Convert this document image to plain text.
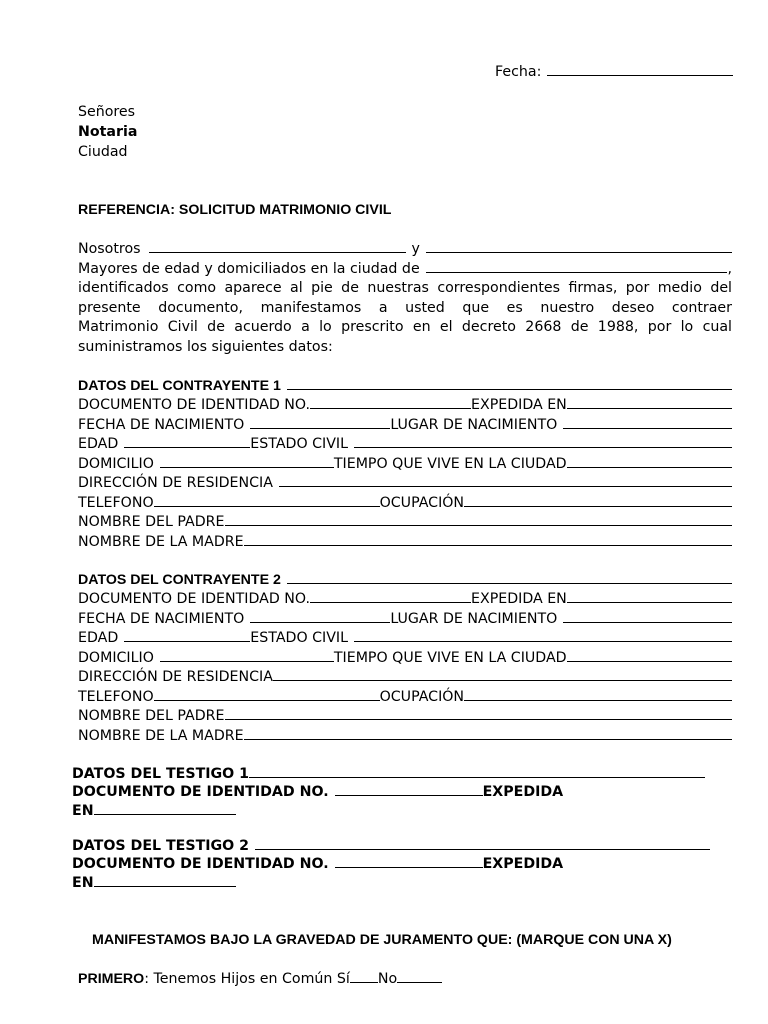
Fecha:
Señores
Notaria
Ciudad
REFERENCIA: SOLICITUD MATRIMONIO CIVIL
Nosotros	y
Mayores de edad y domiciliados en la ciudad de	,
identificados como aparece al pie de nuestras correspondientes firmas, por medio del
presente documento, manifestamos a usted que es nuestro deseo contraer
Matrimonio Civil de acuerdo a lo prescrito en el decreto 2668 de 1988, por lo cual
suministramos los siguientes datos:
DATOS DEL CONTRAYENTE 1
DOCUMENTO DE IDENTIDAD NO.	EXPEDIDA EN
FECHA DE NACIMIENTO	LUGAR DE NACIMIENTO
EDAD	ESTADO CIVIL
DOMICILIO	TIEMPO QUE VIVE EN LA CIUDAD
DIRECCIÓN DE RESIDENCIA
TELEFONO	OCUPACIÓN
NOMBRE DEL PADRE
NOMBRE DE LA MADRE
DATOS DEL CONTRAYENTE 2
DOCUMENTO DE IDENTIDAD NO.	EXPEDIDA EN
FECHA DE NACIMIENTO	LUGAR DE NACIMIENTO
EDAD	ESTADO CIVIL
DOMICILIO	TIEMPO QUE VIVE EN LA CIUDAD
DIRECCIÓN DE RESIDENCIA
TELEFONO	OCUPACIÓN
NOMBRE DEL PADRE
NOMBRE DE LA MADRE
DATOS DEL TESTIGO 1
DOCUMENTO DE IDENTIDAD NO.	EXPEDIDA
EN
DATOS DEL TESTIGO 2
DOCUMENTO DE IDENTIDAD NO.	EXPEDIDA
EN
MANIFESTAMOS BAJO LA GRAVEDAD DE JURAMENTO QUE: (MARQUE CON UNA X)
PRIMERO : Tenemos Hijos en Común Sí No
